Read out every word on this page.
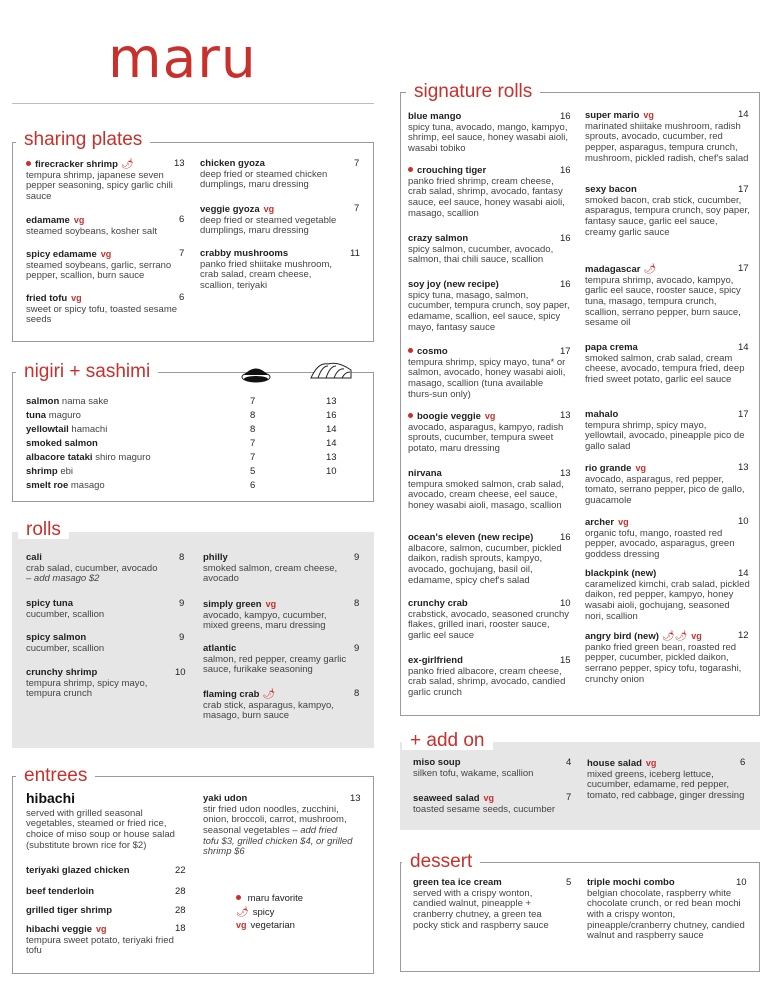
maru
sharing plates
firecracker shrimp 🌶
tempura shrimp, japanese seven pepper seasoning, spicy garlic chili sauce
13
edamame vg
steamed soybeans, kosher salt
6
spicy edamame vg
steamed soybeans, garlic, serrano pepper, scallion, burn sauce
7
fried tofu vg
sweet or spicy tofu, toasted sesame seeds
6
chicken gyoza
deep fried or steamed chicken dumplings, maru dressing
7
veggie gyoza vg
deep fried or steamed vegetable dumplings, maru dressing
7
crabby mushrooms
panko fried shiitake mushroom, crab salad, cream cheese, scallion, teriyaki
11
nigiri + sashimi
salmon nama sake	7	13
tuna maguro	8	16
yellowtail hamachi	8	14
smoked salmon	7	14
albacore tataki shiro maguro	7	13
shrimp ebi	5	10
smelt roe masago	6
rolls
cali
crab salad, cucumber, avocado
– add masago $2
8
spicy tuna
cucumber, scallion
9
spicy salmon
cucumber, scallion
9
crunchy shrimp
tempura shrimp, spicy mayo, tempura crunch
10
philly
smoked salmon, cream cheese, avocado
9
simply green vg
avocado, kampyo, cucumber, mixed greens, maru dressing
8
atlantic
salmon, red pepper, creamy garlic sauce, furikake seasoning
9
flaming crab 🌶
crab stick, asparagus, kampyo, masago, burn sauce
8
entrees
hibachi
served with grilled seasonal vegetables, steamed or fried rice, choice of miso soup or house salad (substitute brown rice for $2)
teriyaki glazed chicken	22
beef tenderloin	28
grilled tiger shrimp	28
hibachi veggie vg
tempura sweet potato, teriyaki fried tofu
18
yaki udon
stir fried udon noodles, zucchini, onion, broccoli, carrot, mushroom, seasonal vegetables – add fried tofu $3, grilled chicken $4, or grilled shrimp $6
13
maru favorite
🌶 spicy
vg vegetarian
signature rolls
blue mango
spicy tuna, avocado, mango, kampyo, shrimp, eel sauce, honey wasabi aioli, wasabi tobiko
16
crouching tiger
panko fried shrimp, cream cheese, crab salad, shrimp, avocado, fantasy sauce, eel sauce, honey wasabi aioli, masago, scallion
16
crazy salmon
spicy salmon, cucumber, avocado, salmon, thai chili sauce, scallion
16
soy joy (new recipe)
spicy tuna, masago, salmon, cucumber, tempura crunch, soy paper, edamame, scallion, eel sauce, spicy mayo, fantasy sauce
16
cosmo
tempura shrimp, spicy mayo, tuna* or salmon, avocado, honey wasabi aioli, masago, scallion (tuna available thurs-sun only)
17
boogie veggie vg
avocado, asparagus, kampyo, radish sprouts, cucumber, tempura sweet potato, maru dressing
13
nirvana
tempura smoked salmon, crab salad, avocado, cream cheese, eel sauce, honey wasabi aioli, masago, scallion
13
ocean's eleven (new recipe)
albacore, salmon, cucumber, pickled daikon, radish sprouts, kampyo, avocado, gochujang, basil oil, edamame, spicy chef's salad
16
crunchy crab
crabstick, avocado, seasoned crunchy flakes, grilled inari, rooster sauce, garlic eel sauce
10
ex-girlfriend
panko fried albacore, cream cheese, crab salad, shrimp, avocado, candied garlic crunch
15
super mario vg
marinated shiitake mushroom, radish sprouts, avocado, cucumber, red pepper, asparagus, tempura crunch, mushroom, pickled radish, chef's salad
14
sexy bacon
smoked bacon, crab stick, cucumber, asparagus, tempura crunch, soy paper, fantasy sauce, garlic eel sauce, creamy garlic sauce
17
madagascar 🌶
tempura shrimp, avocado, kampyo, garlic eel sauce, rooster sauce, spicy tuna, masago, tempura crunch, scallion, serrano pepper, burn sauce, sesame oil
17
papa crema
smoked salmon, crab salad, cream cheese, avocado, tempura fried, deep fried sweet potato, garlic eel sauce
14
mahalo
tempura shrimp, spicy mayo, yellowtail, avocado, pineapple pico de gallo salad
17
rio grande vg
avocado, asparagus, red pepper, tomato, serrano pepper, pico de gallo, guacamole
13
archer vg
organic tofu, mango, roasted red pepper, avocado, asparagus, green goddess dressing
10
blackpink (new)
caramelized kimchi, crab salad, pickled daikon, red pepper, kampyo, honey wasabi aioli, gochujang, seasoned nori, scallion
14
angry bird (new) 🌶🌶 vg
panko fried green bean, roasted red pepper, cucumber, pickled daikon, serrano pepper, spicy tofu, togarashi, crunchy onion
12
+ add on
miso soup
silken tofu, wakame, scallion
4
seaweed salad vg
toasted sesame seeds, cucumber
7
house salad vg
mixed greens, iceberg lettuce, cucumber, edamame, red pepper, tomato, red cabbage, ginger dressing
6
dessert
green tea ice cream
served with a crispy wonton, candied walnut, pineapple + cranberry chutney, a green tea pocky stick and raspberry sauce
5 triple mochi combo
belgian chocolate, raspberry white chocolate crunch, or red bean mochi with a crispy wonton, pineapple/cranberry chutney, candied walnut and raspberry sauce
10
